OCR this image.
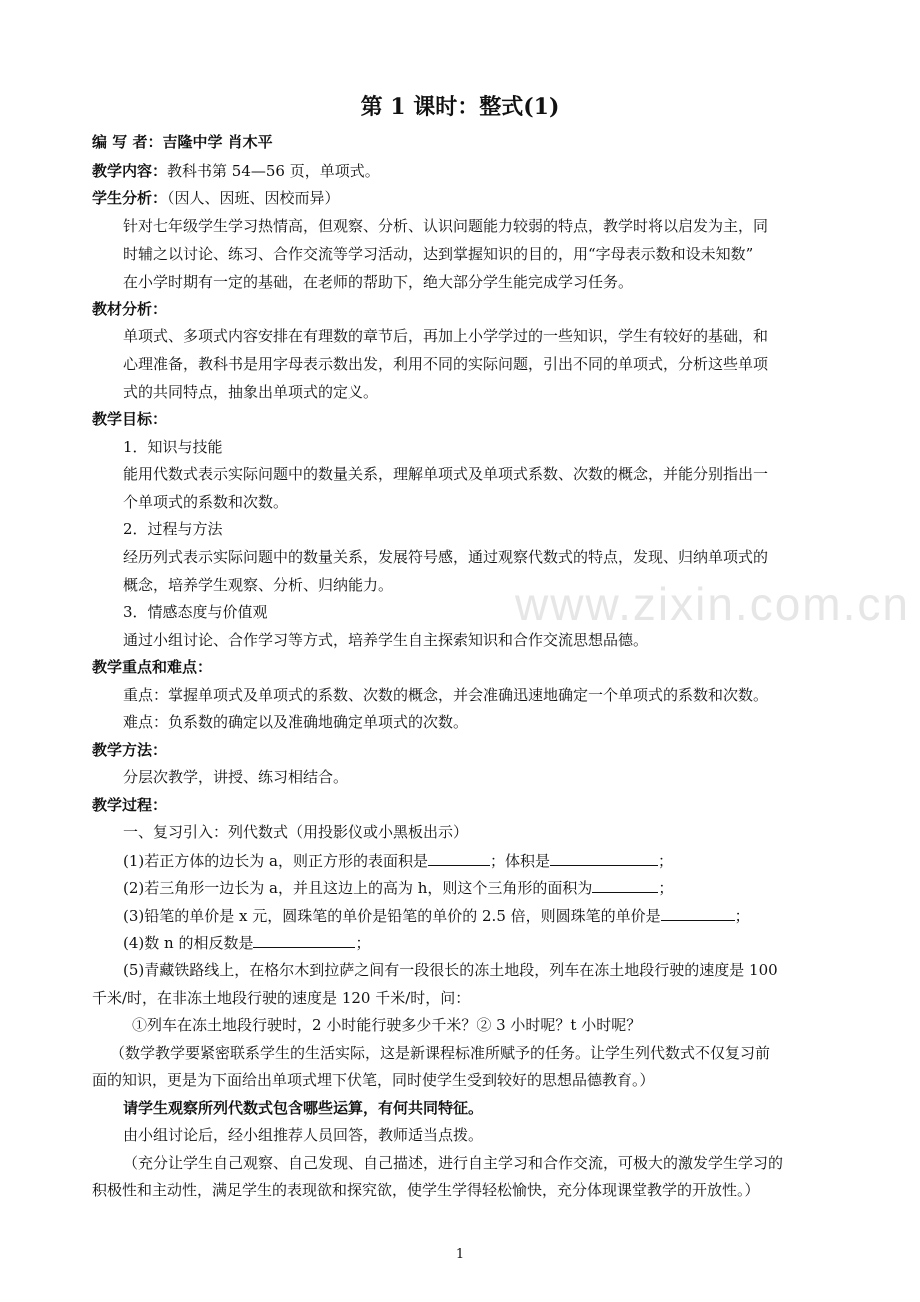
www.zixin.com.cn
第 1 课时：整式(1)
编 写 者：吉隆中学 肖木平
教学内容：教科书第 54—56 页，单项式。
学生分析：（因人、因班、因校而异）
针对七年级学生学习热情高，但观察、分析、认识问题能力较弱的特点，教学时将以启发为主，同
时辅之以讨论、练习、合作交流等学习活动，达到掌握知识的目的，用“字母表示数和设未知数”
在小学时期有一定的基础，在老师的帮助下，绝大部分学生能完成学习任务。
教材分析：
单项式、多项式内容安排在有理数的章节后，再加上小学学过的一些知识，学生有较好的基础，和
心理准备，教科书是用字母表示数出发，利用不同的实际问题，引出不同的单项式，分析这些单项
式的共同特点，抽象出单项式的定义。
教学目标：
1．知识与技能
能用代数式表示实际问题中的数量关系，理解单项式及单项式系数、次数的概念，并能分别指出一
个单项式的系数和次数。
2．过程与方法
经历列式表示实际问题中的数量关系，发展符号感，通过观察代数式的特点，发现、归纳单项式的
概念，培养学生观察、分析、归纳能力。
3．情感态度与价值观
通过小组讨论、合作学习等方式，培养学生自主探索知识和合作交流思想品德。
教学重点和难点：
重点：掌握单项式及单项式的系数、次数的概念，并会准确迅速地确定一个单项式的系数和次数。
难点：负系数的确定以及准确地确定单项式的次数。
教学方法：
分层次教学，讲授、练习相结合。
教学过程：
一、复习引入：列代数式（用投影仪或小黑板出示）
(1)若正方体的边长为 a，则正方形的表面积是	；体积是	；
(2)若三角形一边长为 a，并且这边上的高为 h，则这个三角形的面积为	；
(3)铅笔的单价是 x 元，圆珠笔的单价是铅笔的单价的 2.5 倍，则圆珠笔的单价是	；
(4)数 n 的相反数是	；
(5)青藏铁路线上，在格尔木到拉萨之间有一段很长的冻土地段，列车在冻土地段行驶的速度是 100
千米/时，在非冻土地段行驶的速度是 120 千米/时，问：
①列车在冻土地段行驶时，2 小时能行驶多少千米？② 3 小时呢？t 小时呢？
（数学教学要紧密联系学生的生活实际，这是新课程标准所赋予的任务。让学生列代数式不仅复习前
面的知识，更是为下面给出单项式埋下伏笔，同时使学生受到较好的思想品德教育。）
请学生观察所列代数式包含哪些运算，有何共同特征。
由小组讨论后，经小组推荐人员回答，教师适当点拨。
（充分让学生自己观察、自己发现、自己描述，进行自主学习和合作交流，可极大的激发学生学习的
积极性和主动性，满足学生的表现欲和探究欲，使学生学得轻松愉快，充分体现课堂教学的开放性。）
1
